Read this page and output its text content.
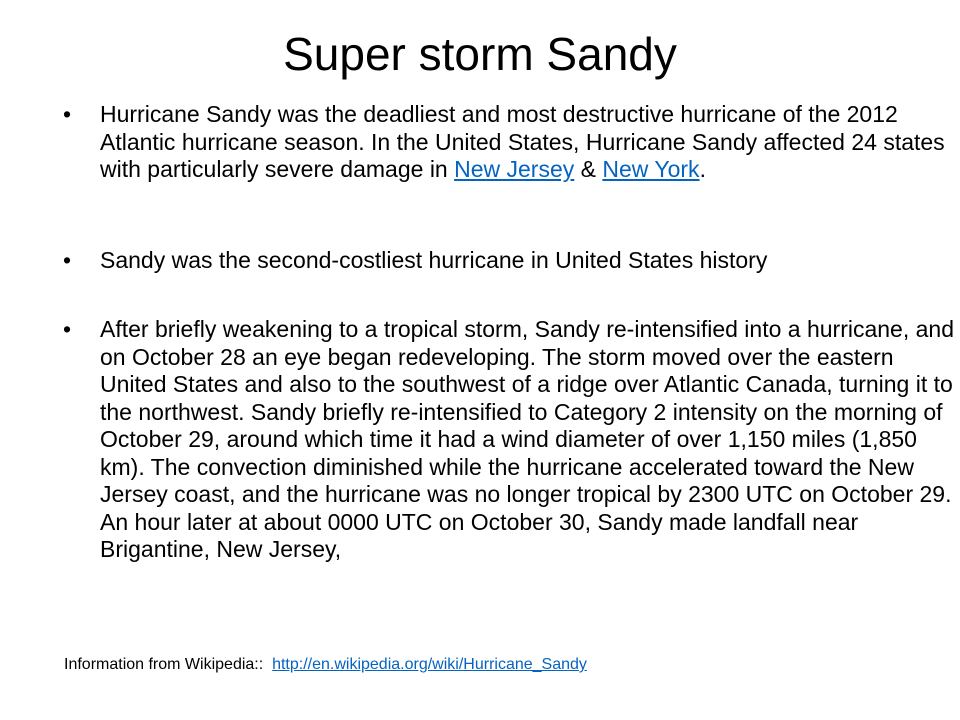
Super storm Sandy
• Hurricane Sandy was the deadliest and most destructive hurricane of the 2012 Atlantic hurricane season. In the United States, Hurricane Sandy affected 24 states with particularly severe damage in New Jersey & New York.
• Sandy was the second-costliest hurricane in United States history
• After briefly weakening to a tropical storm, Sandy re-intensified into a hurricane, and on October 28 an eye began redeveloping. The storm moved over the eastern United States and also to the southwest of a ridge over Atlantic Canada, turning it to the northwest. Sandy briefly re-intensified to Category 2 intensity on the morning of October 29, around which time it had a wind diameter of over 1,150 miles (1,850 km). The convection diminished while the hurricane accelerated toward the New Jersey coast, and the hurricane was no longer tropical by 2300 UTC on October 29. An hour later at about 0000 UTC on October 30, Sandy made landfall near Brigantine, New Jersey,
Information from Wikipedia::  http://en.wikipedia.org/wiki/Hurricane_Sandy
